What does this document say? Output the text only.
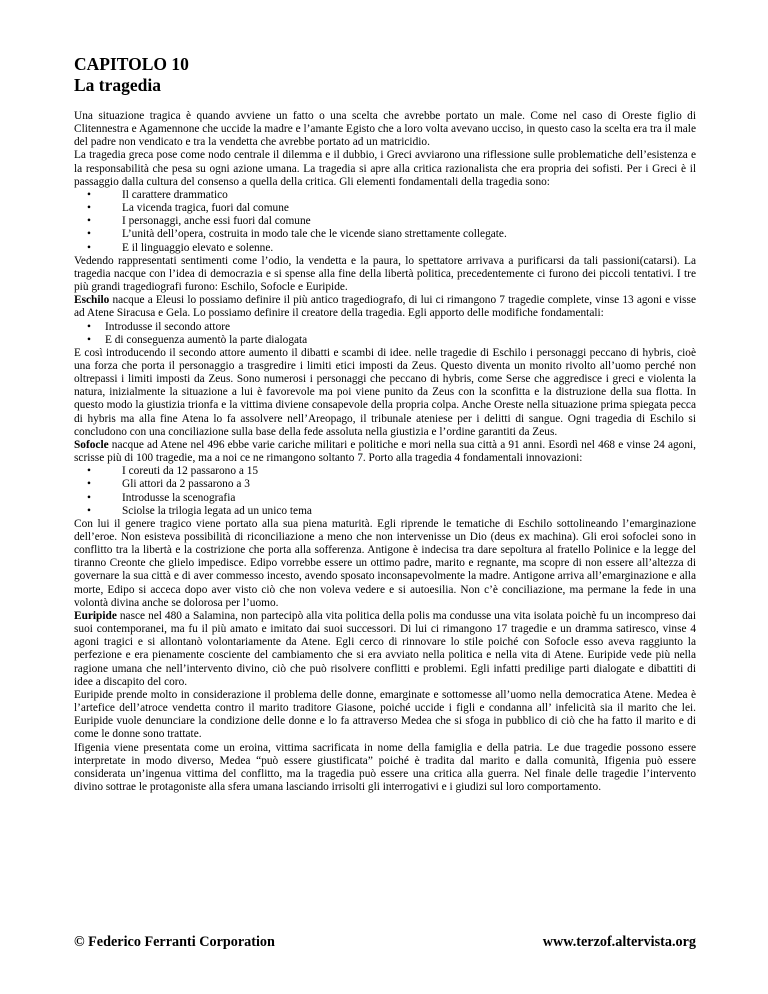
CAPITOLO 10
La tragedia

Una situazione tragica è quando avviene un fatto o una scelta che avrebbe portato un male. Come nel caso di Oreste figlio di Clitennestra e Agamennone che uccide la madre e l’amante Egisto che a loro volta avevano ucciso, in questo caso la scelta era tra il male del padre non vendicato e tra la vendetta che avrebbe portato ad un matricidio.

La tragedia greca pose come nodo centrale il dilemma e il dubbio, i Greci avviarono una riflessione sulle problematiche dell’esistenza e la responsabilità che pesa su ogni azione umana. La tragedia si apre alla critica razionalista che era propria dei sofisti. Per i Greci è il passaggio dalla cultura del consenso a quella della critica. Gli elementi fondamentali della tragedia sono:

•	Il carattere drammatico
•	La vicenda tragica, fuori dal comune
•	I personaggi, anche essi fuori dal comune
•	L’unità dell’opera, costruita in modo tale che le vicende siano strettamente collegate.
•	E il linguaggio elevato e solenne.

Vedendo rappresentati sentimenti come l’odio, la vendetta e la paura, lo spettatore arrivava a purificarsi da tali passioni(catarsi). La tragedia nacque con l’idea di democrazia e si spense alla fine della libertà politica, precedentemente ci furono dei piccoli tentativi. I tre più grandi tragediografi furono: Eschilo, Sofocle e Euripide.

Eschilo nacque a Eleusi lo possiamo definire il più antico tragediografo, di lui ci rimangono 7 tragedie complete, vinse 13 agoni e visse ad Atene Siracusa e Gela. Lo possiamo definire il creatore della tragedia. Egli apporto delle modifiche fondamentali:

• Introdusse il secondo attore
• E di conseguenza aumentò la parte dialogata

E così introducendo il secondo attore aumento il dibatti e scambi di idee. nelle tragedie di Eschilo i personaggi peccano di hybris, cioè una forza che porta il personaggio a trasgredire i limiti etici imposti da Zeus. Questo diventa un monito rivolto all’uomo perché non oltrepassi i limiti imposti da Zeus. Sono numerosi i personaggi che peccano di hybris, come Serse che aggredisce i greci e violenta la natura, inizialmente la situazione a lui è favorevole ma poi viene punito da Zeus con la sconfitta e la distruzione della sua flotta. In questo modo la giustizia trionfa e la vittima diviene consapevole della propria colpa. Anche Oreste nella situazione prima spiegata pecca di hybris ma alla fine Atena lo fa assolvere nell’Areopago, il tribunale ateniese per i delitti di sangue. Ogni tragedia di Eschilo si concludono con una conciliazione sulla base della fede assoluta nella giustizia e l’ordine garantiti da Zeus.

Sofocle nacque ad Atene nel 496 ebbe varie cariche militari e politiche e mori nella sua città a 91 anni. Esordì nel 468 e vinse 24 agoni, scrisse più di 100 tragedie, ma a noi ce ne rimangono soltanto 7. Porto alla tragedia 4 fondamentali innovazioni:

•	I coreuti da 12 passarono a 15
•	Gli attori da 2 passarono a 3
•	Introdusse la scenografia
•	Sciolse la trilogia legata ad un unico tema

Con lui il genere tragico viene portato alla sua piena maturità. Egli riprende le tematiche di Eschilo sottolineando l’emarginazione dell’eroe. Non esisteva possibilità di riconciliazione a meno che non intervenisse un Dio (deus ex machina). Gli eroi sofoclei sono in conflitto tra la libertà e la costrizione che porta alla sofferenza. Antigone è indecisa tra dare sepoltura al fratello Polinice e la legge del tiranno Creonte che glielo impedisce. Edipo vorrebbe essere un ottimo padre, marito e regnante, ma scopre di non essere all’altezza di governare la sua città e di aver commesso incesto, avendo sposato inconsapevolmente la madre. Antigone arriva all’emarginazione e alla morte, Edipo si acceca dopo aver visto ciò che non voleva vedere e si autoesilia. Non c’è conciliazione, ma permane la fede in una volontà divina anche se dolorosa per l’uomo.

Euripide nasce nel 480 a Salamina, non partecipò alla vita politica della polis ma condusse una vita isolata poichè fu un incompreso dai suoi contemporanei, ma fu il più amato e imitato dai suoi successori. Di lui ci rimangono 17 tragedie e un dramma satiresco, vinse 4 agoni tragici e si allontanò volontariamente da Atene. Egli cerco di rinnovare lo stile poiché con Sofocle esso aveva raggiunto la perfezione e era pienamente cosciente del cambiamento che si era avviato nella politica e nella vita di Atene. Euripide vede più nella ragione umana che nell’intervento divino, ciò che può risolvere conflitti e problemi. Egli infatti predilige parti dialogate e dibattiti di idee a discapito del coro.

Euripide prende molto in considerazione il problema delle donne, emarginate e sottomesse all’uomo nella democratica Atene. Medea è l’artefice dell’atroce vendetta contro il marito traditore Giasone, poiché uccide i figli e condanna all’ infelicità sia il marito che lei. Euripide vuole denunciare la condizione delle donne e lo fa attraverso Medea che si sfoga in pubblico di ciò che ha fatto il marito e di come le donne sono trattate.

Ifigenia viene presentata come un eroina, vittima sacrificata in nome della famiglia e della patria. Le due tragedie possono essere interpretate in modo diverso, Medea “può essere giustificata” poiché è tradita dal marito e dalla comunità, Ifigenia può essere considerata un’ingenua vittima del conflitto, ma la tragedia può essere una critica alla guerra. Nel finale delle tragedie l’intervento divino sottrae le protagoniste alla sfera umana lasciando irrisolti gli interrogativi e i giudizi sul loro comportamento.

© Federico Ferranti Corporation	www.terzof.altervista.org
